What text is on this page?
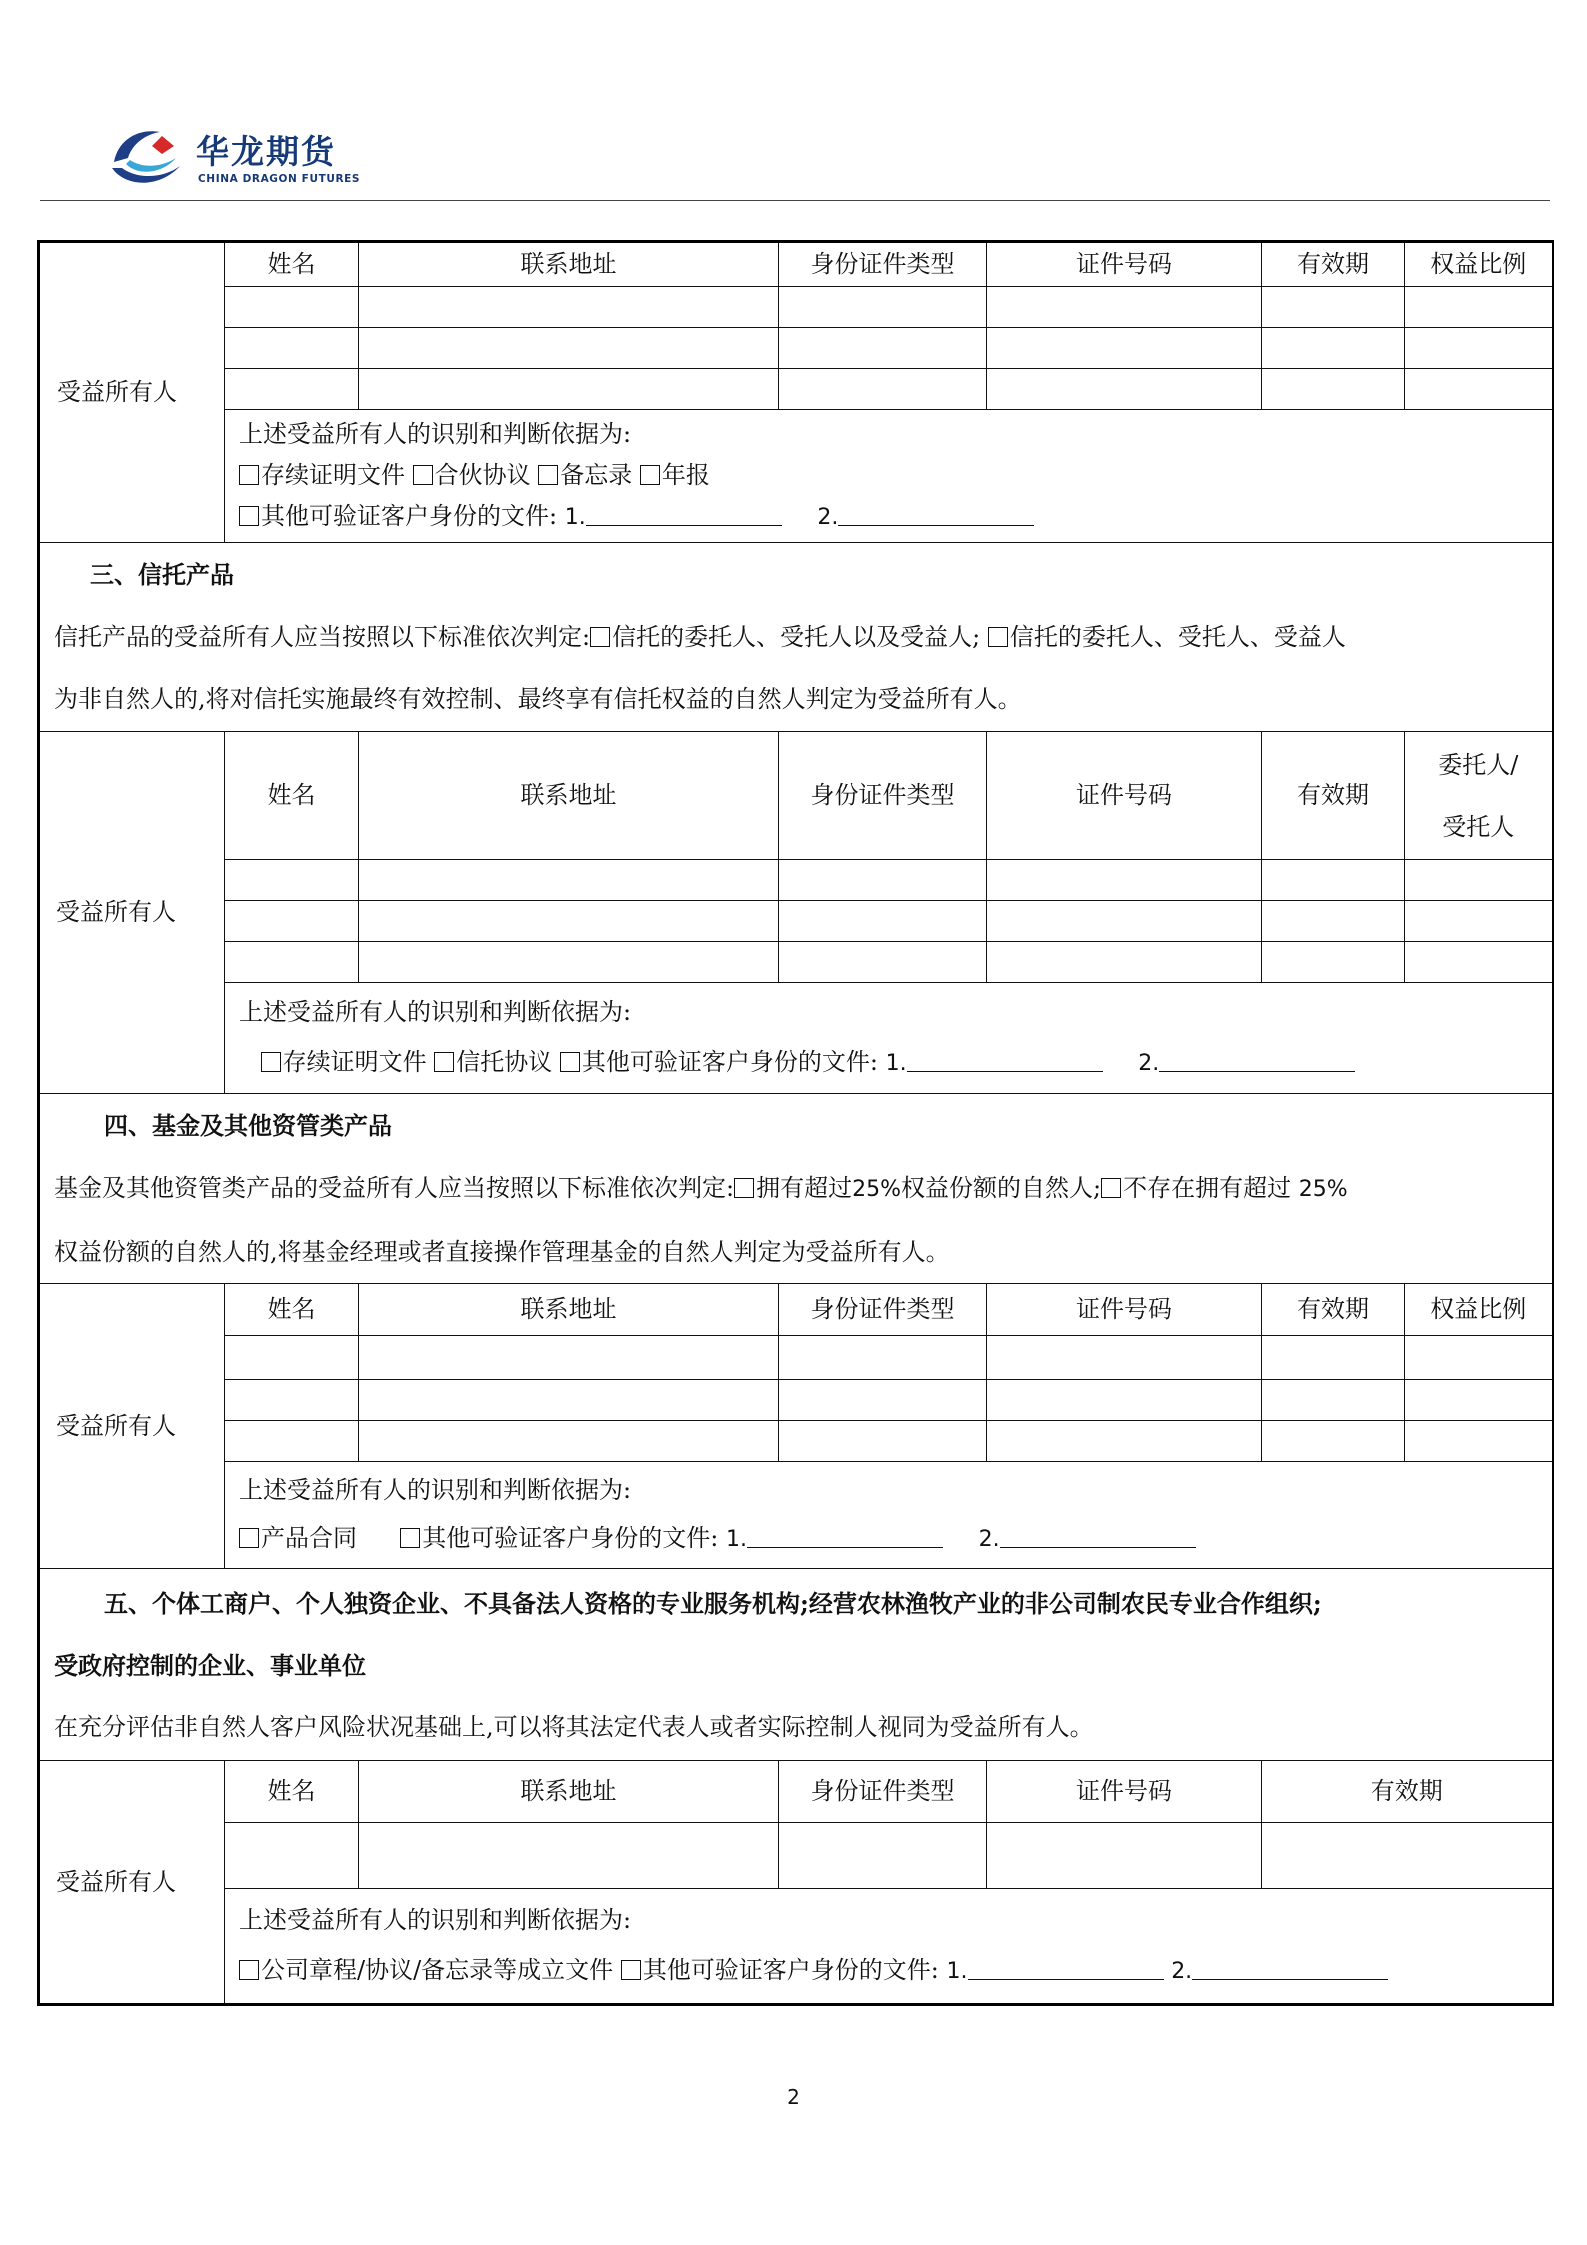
华龙期货
CHINA DRAGON FUTURES
受益所有人	姓名	联系地址	身份证件类型	证件号码	有效期	权益比例

	上述受益所有人的识别和判断依据为:
存续证明文件 合伙协议 备忘录 年报
其他可验证客户身份的文件: 1. 2.					

三、信托产品
信托产品的受益所有人应当按照以下标准依次判定: 信托的委托人、受托人以及受益人; 信托的委托人、受托人、受益人
为非自然人的,将对信托实施最终有效控制、最终享有信托权益的自然人判定为受益所有人。						

受益所有人	姓名	联系地址	身份证件类型	证件号码	有效期	委托人/
受托人

	上述受益所有人的识别和判断依据为:
存续证明文件 信托协议 其他可验证客户身份的文件: 1. 2.					

四、基金及其他资管类产品
基金及其他资管类产品的受益所有人应当按照以下标准依次判定: 拥有超过25%权益份额的自然人; 不存在拥有超过 25%
权益份额的自然人的,将基金经理或者直接操作管理基金的自然人判定为受益所有人。						

受益所有人	姓名	联系地址	身份证件类型	证件号码	有效期	权益比例

	上述受益所有人的识别和判断依据为:
产品合同 其他可验证客户身份的文件: 1. 2.					

五、个体工商户、个人独资企业、不具备法人资格的专业服务机构;经营农林渔牧产业的非公司制农民专业合作组织;
受政府控制的企业、事业单位
在充分评估非自然人客户风险状况基础上,可以将其法定代表人或者实际控制人视同为受益所有人。						

受益所有人	姓名	联系地址	身份证件类型	证件号码	有效期	

	上述受益所有人的识别和判断依据为:
公司章程/协议/备忘录等成立文件 其他可验证客户身份的文件: 1. 2.					
2
